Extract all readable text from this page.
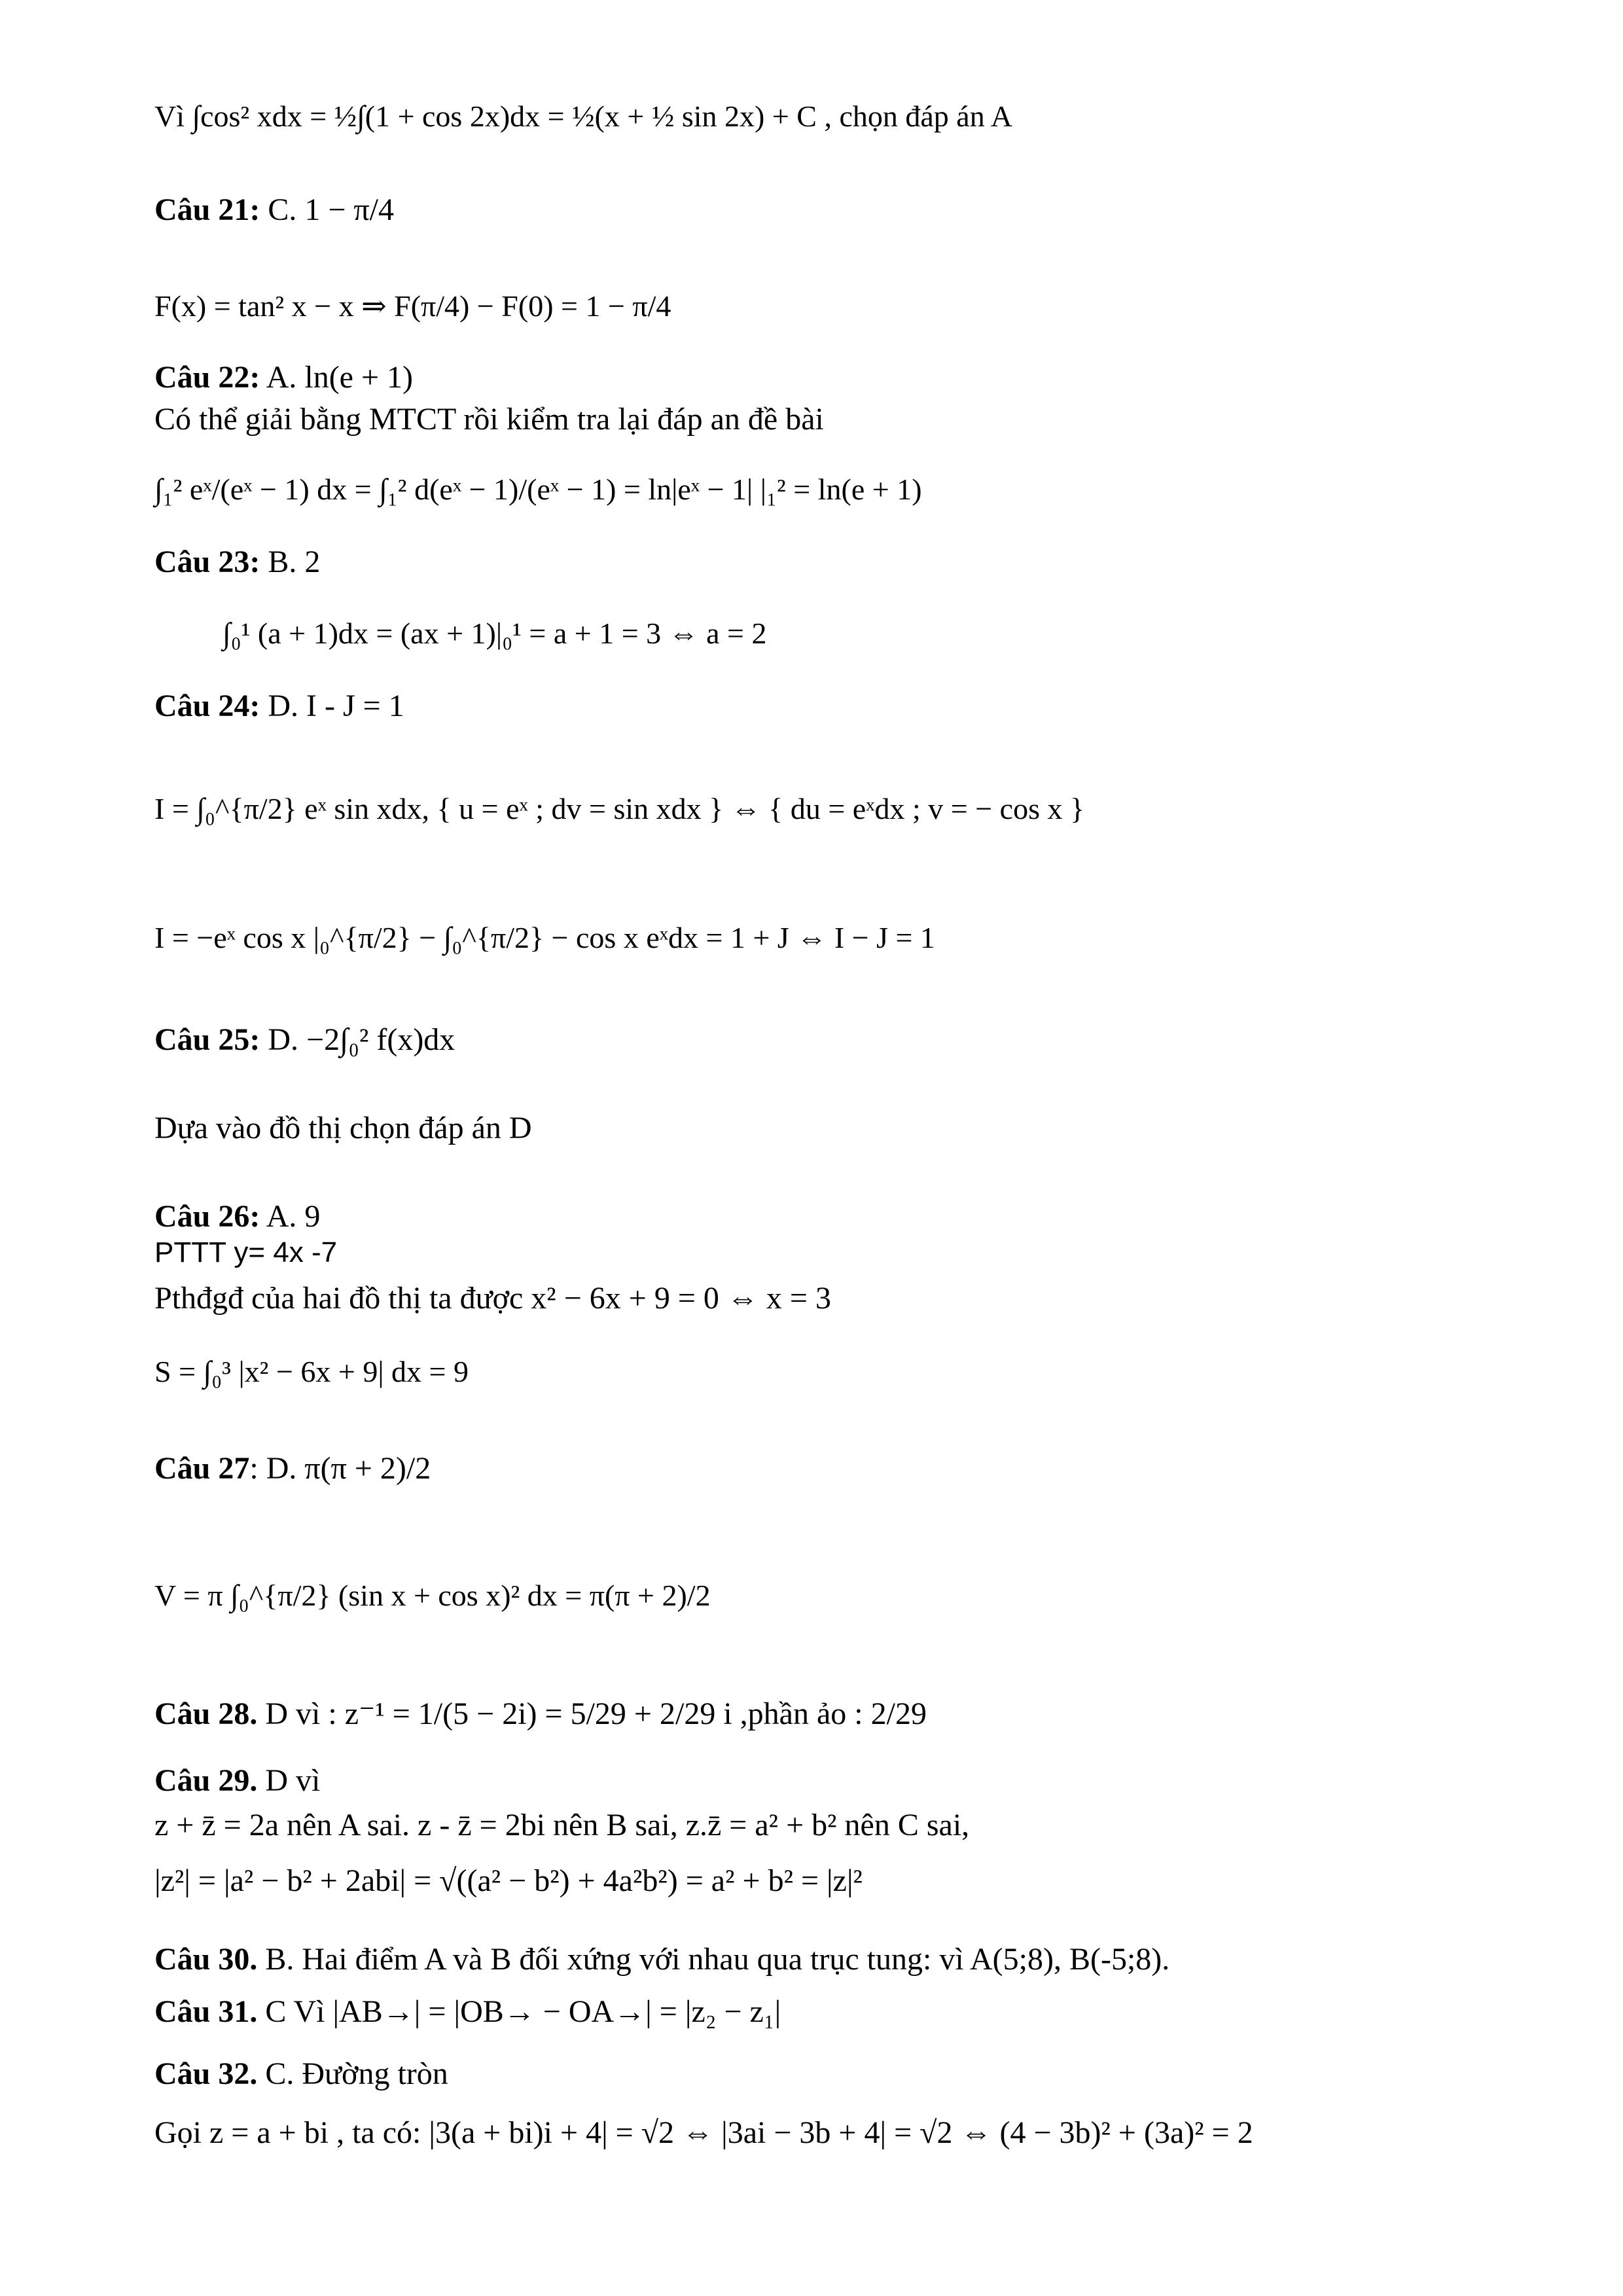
Vì ∫cos² xdx = ½∫(1 + cos 2x)dx = ½(x + ½ sin 2x) + C , chọn đáp án A
Câu 21: C. 1 − π/4
F(x) = tan² x − x ⇒ F(π/4) − F(0) = 1 − π/4
Câu 22: A. ln(e + 1)
Có thể giải bằng MTCT rồi kiểm tra lại đáp an đề bài
∫₁² eˣ/(eˣ − 1) dx = ∫₁² d(eˣ − 1)/(eˣ − 1) = ln|eˣ − 1| |₁² = ln(e + 1)
Câu 23: B. 2
∫₀¹ (a + 1)dx = (ax + 1)|₀¹ = a + 1 = 3 ⇔ a = 2
Câu 24: D. I - J = 1
I = ∫₀^{π/2} eˣ sin xdx, { u = eˣ ; dv = sin xdx } ⇔ { du = eˣdx ; v = − cos x }
I = −eˣ cos x |₀^{π/2} − ∫₀^{π/2} − cos x eˣdx = 1 + J ⇔ I − J = 1
Câu 25: D. −2∫₀² f(x)dx
Dựa vào đồ thị chọn đáp án D
Câu 26: A. 9
PTTT y= 4x -7
Pthđgđ của hai đồ thị ta được x² − 6x + 9 = 0 ⇔ x = 3
S = ∫₀³ |x² − 6x + 9| dx = 9
Câu 27: D. π(π + 2)/2
V = π ∫₀^{π/2} (sin x + cos x)² dx = π(π + 2)/2
Câu 28. D vì : z⁻¹ = 1/(5 − 2i) = 5/29 + 2/29 i ,phần ảo : 2/29
Câu 29. D vì
z + z̄ = 2a nên A sai. z - z̄ = 2bi nên B sai, z.z̄ = a² + b² nên C sai,
|z²| = |a² − b² + 2abi| = √((a² − b²) + 4a²b²) = a² + b² = |z|²
Câu 30. B. Hai điểm A và B đối xứng với nhau qua trục tung: vì A(5;8), B(-5;8).
Câu 31. C Vì |AB→| = |OB→ − OA→| = |z₂ − z₁|
Câu 32. C. Đường tròn
Gọi z = a + bi , ta có: |3(a + bi)i + 4| = √2 ⇔ |3ai − 3b + 4| = √2 ⇔ (4 − 3b)² + (3a)² = 2
